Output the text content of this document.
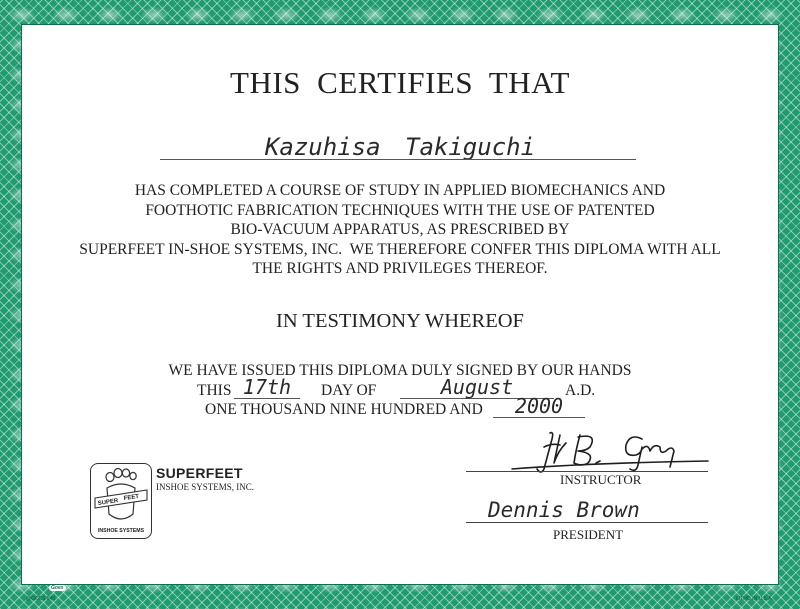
THIS CERTIFIES THAT
Kazuhisa Takiguchi
HAS COMPLETED A COURSE OF STUDY IN APPLIED BIOMECHANICS AND
FOOTHOTIC FABRICATION TECHNIQUES WITH THE USE OF PATENTED
BIO-VACUUM APPARATUS, AS PRESCRIBED BY
SUPERFEET IN-SHOE SYSTEMS, INC.  WE THEREFORE CONFER THIS DIPLOMA WITH ALL
THE RIGHTS AND PRIVILEGES THEREOF.
IN TESTIMONY WHEREOF
WE HAVE ISSUED THIS DIPLOMA DULY SIGNED BY OUR HANDS
THIS 17th	DAY OF	August	A.D.
ONE THOUSAND NINE HUNDRED AND	2000
SUPER
FEET
INSHOE SYSTEMS
SUPERFEET
INSHOE SYSTEMS, INC.	INSTRUCTOR
Dennis Brown
PRESIDENT
@GOES 840	LITHO IN U.S.A.
Goes
